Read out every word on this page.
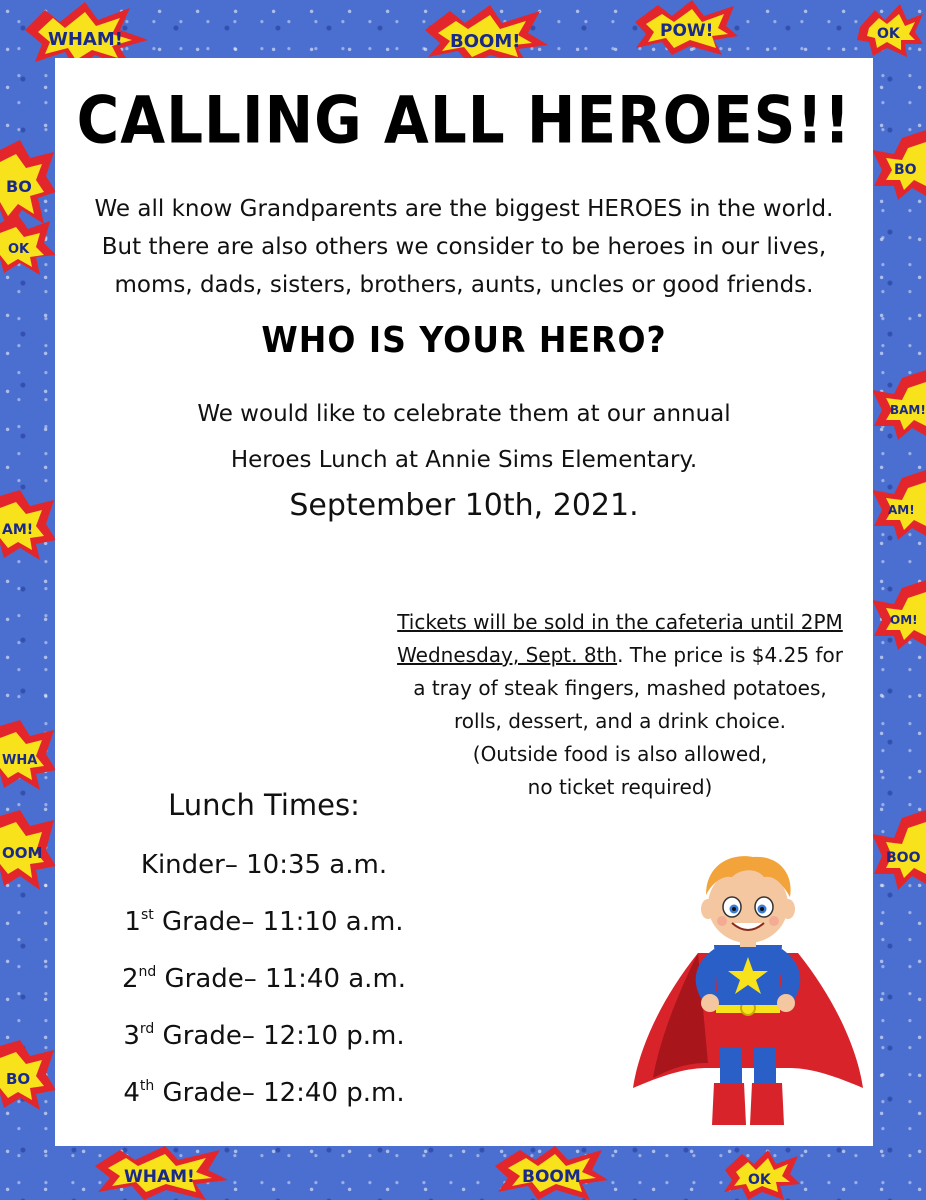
WHAM!	BOOM!	POW!	OK
BO
OK
BO
BAM!
AM!
AM!
OM!
WHA
OOM	BOO
BO
WHAM!	BOOM	OK
CALLING ALL HEROES!!
We all know Grandparents are the biggest HEROES in the world.
But there are also others we consider to be heroes in our lives,
moms, dads, sisters, brothers, aunts, uncles or good friends.
WHO IS YOUR HERO?
We would like to celebrate them at our annual
Heroes Lunch at Annie Sims Elementary.
September 10th, 2021.
Tickets will be sold in the cafeteria until 2PM
Wednesday, Sept. 8th. The price is $4.25 for
a tray of steak fingers, mashed potatoes,
rolls, dessert, and a drink choice.
(Outside food is also allowed,
no ticket required)
Lunch Times:
Kinder– 10:35 a.m.
1st Grade– 11:10 a.m.
2nd Grade– 11:40 a.m.
3rd Grade– 12:10 p.m.
4th Grade– 12:40 p.m.
